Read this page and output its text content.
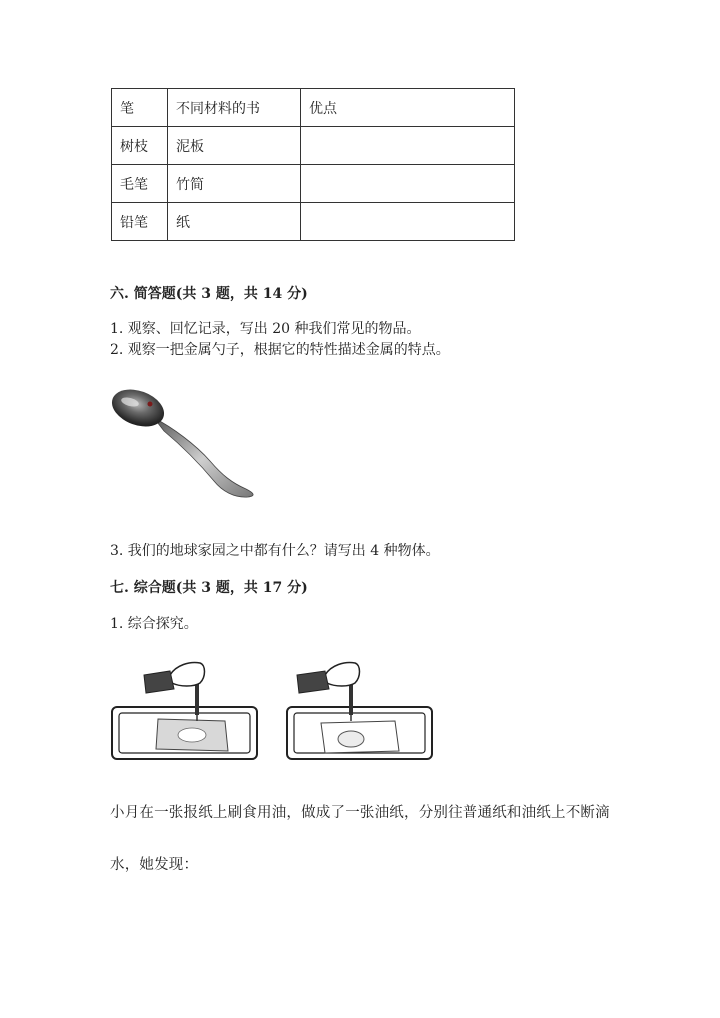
笔	不同材料的书	优点
树枝	泥板	
毛笔	竹简	
铅笔	纸	
六. 简答题(共 3 题，共 14 分)
1. 观察、回忆记录，写出 20 种我们常见的物品。
2. 观察一把金属勺子，根据它的特性描述金属的特点。
3. 我们的地球家园之中都有什么？请写出 4 种物体。
七. 综合题(共 3 题，共 17 分)
1. 综合探究。
小月在一张报纸上刷食用油，做成了一张油纸，分别往普通纸和油纸上不断滴
水，她发现：
